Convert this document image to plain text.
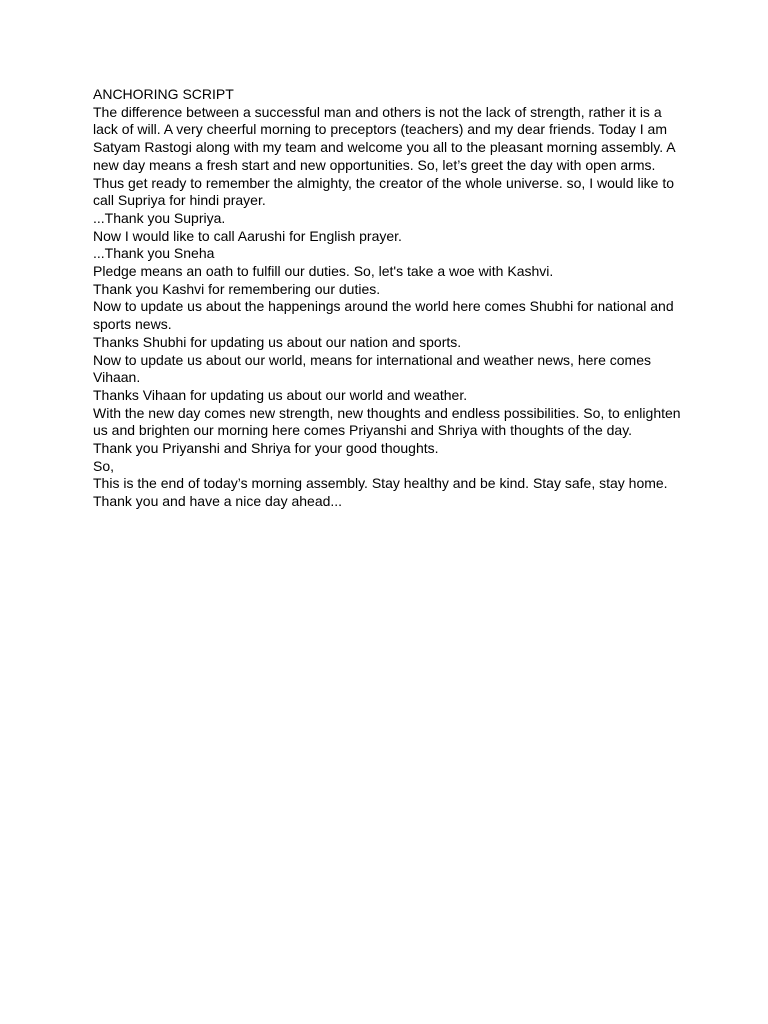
ANCHORING SCRIPT

The difference between a successful man and others is not the lack of strength, rather it is a lack of will. A very cheerful morning to preceptors (teachers) and my dear friends. Today I am Satyam Rastogi along with my team and welcome you all to the pleasant morning assembly. A new day means a fresh start and new opportunities. So, let’s greet the day with open arms. Thus get ready to remember the almighty, the creator of the whole universe. so, I would like to call Supriya for hindi prayer.

...Thank you Supriya.

Now I would like to call Aarushi for English prayer.

...Thank you Sneha

Pledge means an oath to fulfill our duties. So, let's take a woe with Kashvi.

Thank you Kashvi for remembering our duties.

Now to update us about the happenings around the world here comes Shubhi for national and sports news.

Thanks Shubhi for updating us about our nation and sports.

Now to update us about our world, means for international and weather news, here comes Vihaan.

Thanks Vihaan for updating us about our world and weather.

With the new day comes new strength, new thoughts and endless possibilities. So, to enlighten us and brighten our morning here comes Priyanshi and Shriya with thoughts of the day.

Thank you Priyanshi and Shriya for your good thoughts.

So,

This is the end of today’s morning assembly. Stay healthy and be kind. Stay safe, stay home.

Thank you and have a nice day ahead...
